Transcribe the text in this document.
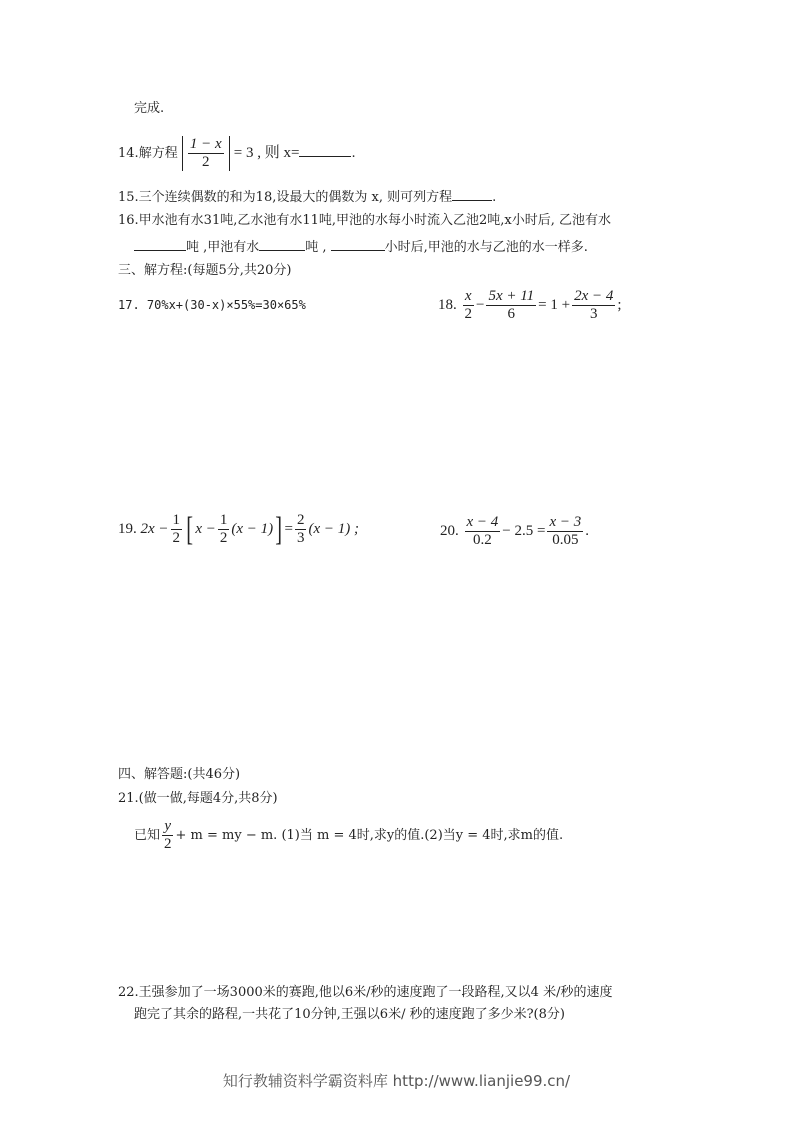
完成.
14.解方程 $\frac{1 - x}{2} = 3$ , 则 x=	.
15.三个连续偶数的和为18,设最大的偶数为 x, 则可列方程	.
16.甲水池有水31吨,乙水池有水11吨,甲池的水每小时流入乙池2吨,x小时后, 乙池有水
吨 ,甲池有水	吨 ,	小时后,甲池的水与乙池的水一样多.
三、解方程:(每题5分,共20分)
17. 70%x+(30-x)×55%=30×65%	18. $\frac{x}{2} - \frac{5x + 11}{6} = 1 + \frac{2x - 4}{3}$ ;
19. $2x - \frac{1}{2}$ [ $x - \frac{1}{2} (x - 1)] = \frac{2}{3} (x - 1)$ ;	20. $\frac{x - 4}{0.2} - 2.5 = \frac{x - 3}{0.05}$ .
四、解答题:(共46分)
21.(做一做,每题4分,共8分)
已知 $\frac{y}{2} + m$ = my − m. (1)当 m = 4时,求y的值.(2)当y = 4时,求m的值.
22.王强参加了一场3000米的赛跑,他以6米/秒的速度跑了一段路程,又以4 米/秒的速度
跑完了其余的路程,一共花了10分钟,王强以6米/ 秒的速度跑了多少米?(8分)
知行教辅资料学霸资料库 http://www.lianjie99.cn/
